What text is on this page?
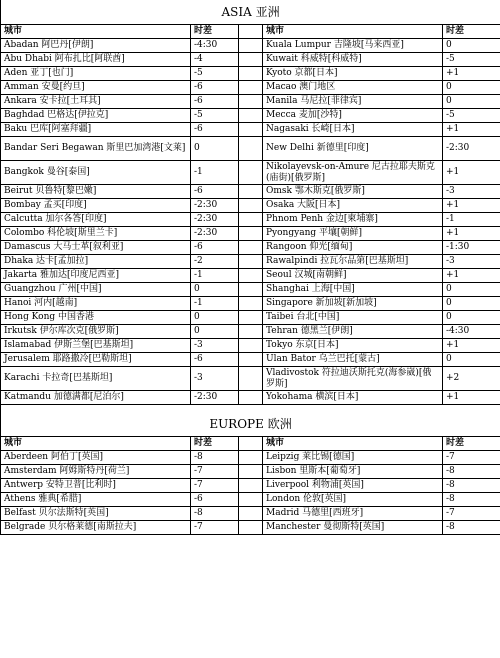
ASIA 亚洲				
城市	时差		城市	时差
Abadan 阿巴丹[伊朗]	-4:30		Kuala Lumpur 吉隆坡[马来西亚]	0
Abu Dhabi 阿布扎比[阿联酋]	-4		Kuwait 科威特[科威特]	-5
Aden 亚丁[也门]	-5		Kyoto 京都[日本]	+1
Amman 安曼[约旦]	-6		Macao 澳门地区	0
Ankara 安卡拉[土耳其]	-6		Manila 马尼拉[菲律宾]	0
Baghdad 巴格达[伊拉克]	-5		Mecca 麦加[沙特]	-5
Baku 巴库[阿塞拜疆]	-6		Nagasaki 长崎[日本]	+1
Bandar Seri Begawan 斯里巴加湾港[文莱]	0		New Delhi 新德里[印度]	-2:30
Bangkok 曼谷[泰国]	-1		Nikolayevsk-on-Amure 尼古拉耶夫斯克(庙街)[俄罗斯]	+1
Beirut 贝鲁特[黎巴嫩]	-6		Omsk 鄂木斯克[俄罗斯]	-3
Bombay 孟买[印度]	-2:30		Osaka 大阪[日本]	+1
Calcutta 加尔各答[印度]	-2:30		Phnom Penh 金边[柬埔寨]	-1
Colombo 科伦坡[斯里兰卡]	-2:30		Pyongyang 平壤[朝鲜]	+1
Damascus 大马士革[叙利亚]	-6		Rangoon 仰光[缅甸]	-1:30
Dhaka 达卡[孟加拉]	-2		Rawalpindi 拉瓦尔品第[巴基斯坦]	-3
Jakarta 雅加达[印度尼西亚]	-1		Seoul 汉城[南朝鲜]	+1
Guangzhou 广州[中国]	0		Shanghai 上海[中国]	0
Hanoi 河内[越南]	-1		Singapore 新加坡[新加坡]	0
Hong Kong 中国香港	0		Taibei 台北[中国]	0
Irkutsk 伊尔库次克[俄罗斯]	0		Tehran 德黑兰[伊朗]	-4:30
Islamabad 伊斯兰堡[巴基斯坦]	-3		Tokyo 东京[日本]	+1
Jerusalem 耶路撒冷[巴勒斯坦]	-6		Ulan Bator 乌兰巴托[蒙古]	0
Karachi 卡拉奇[巴基斯坦]	-3		Vladivostok 符拉迪沃斯托克(海参崴)[俄罗斯]	+2
Katmandu 加德满都[尼泊尔]	-2:30		Yokohama 横滨[日本]	+1

EUROPE 欧洲				
城市	时差		城市	时差
Aberdeen 阿伯丁[英国]	-8		Leipzig 莱比锡[德国]	-7
Amsterdam 阿姆斯特丹[荷兰]	-7		Lisbon 里斯本[葡萄牙]	-8
Antwerp 安特卫普[比利时]	-7		Liverpool 利物浦[英国]	-8
Athens 雅典[希腊]	-6		London 伦敦[英国]	-8
Belfast 贝尔法斯特[英国]	-8		Madrid 马德里[西班牙]	-7
Belgrade 贝尔格莱德[南斯拉夫]	-7		Manchester 曼彻斯特[英国]	-8
